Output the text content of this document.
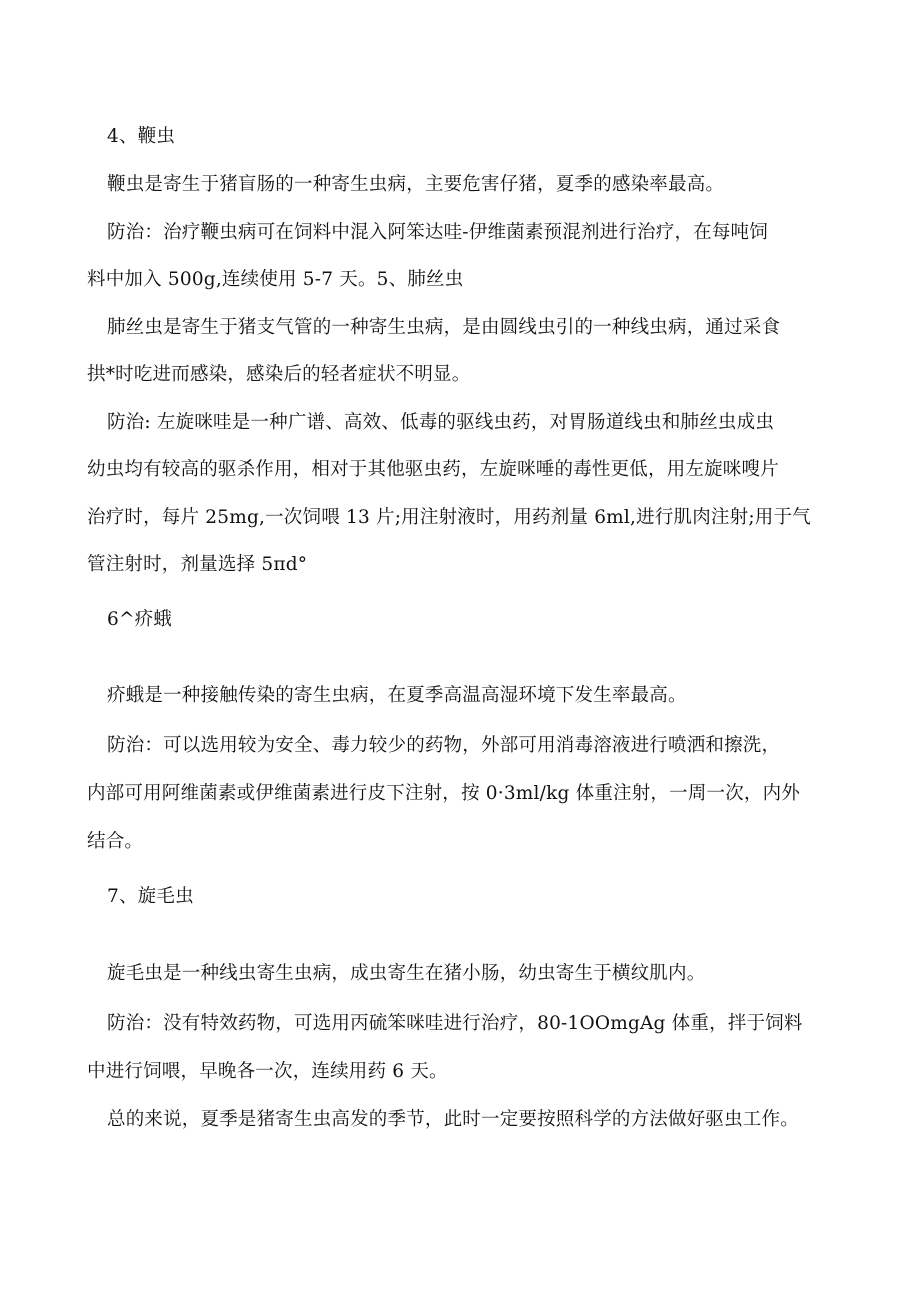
4、鞭虫
鞭虫是寄生于猪盲肠的一种寄生虫病，主要危害仔猪，夏季的感染率最高。
防治：治疗鞭虫病可在饲料中混入阿笨达哇-伊维菌素预混剂进行治疗，在每吨饲
料中加入 500g,连续使用 5-7 天。5、肺丝虫
肺丝虫是寄生于猪支气管的一种寄生虫病，是由圆线虫引的一种线虫病，通过采食
拱*时吃进而感染，感染后的轻者症状不明显。
防治: 左旋咪哇是一种广谱、高效、低毒的驱线虫药，对胃肠道线虫和肺丝虫成虫
幼虫均有较高的驱杀作用，相对于其他驱虫药，左旋咪唾的毒性更低，用左旋咪嗖片
治疗时，每片 25mg,一次饲喂 13 片;用注射液时，用药剂量 6ml,进行肌肉注射;用于气
管注射时，剂量选择 5πd°
6^疥蛾
疥蛾是一种接触传染的寄生虫病，在夏季高温高湿环境下发生率最高。
防治：可以选用较为安全、毒力较少的药物，外部可用消毒溶液进行喷洒和擦洗，
内部可用阿维菌素或伊维菌素进行皮下注射，按 0·3ml/kg 体重注射，一周一次，内外
结合。
7、旋毛虫
旋毛虫是一种线虫寄生虫病，成虫寄生在猪小肠，幼虫寄生于横纹肌内。
防治：没有特效药物，可选用丙硫笨咪哇进行治疗，80-1OOmgAg 体重，拌于饲料
中进行饲喂，早晚各一次，连续用药 6 天。
总的来说，夏季是猪寄生虫高发的季节，此时一定要按照科学的方法做好驱虫工作。
